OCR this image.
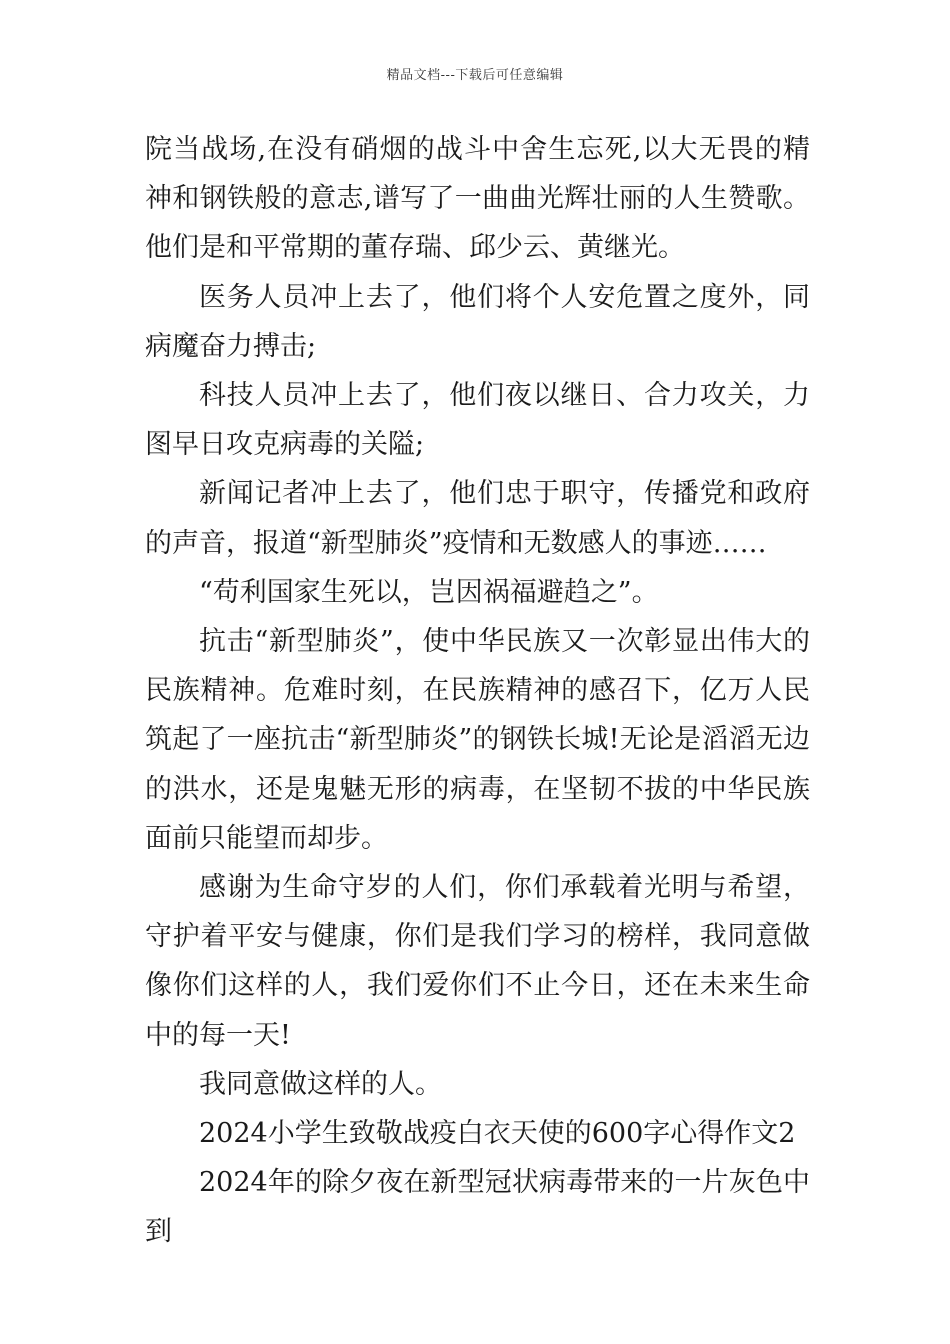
精品文档---下载后可任意编辑

院当战场,在没有硝烟的战斗中舍生忘死,以大无畏的精神和钢铁般的意志,谱写了一曲曲光辉壮丽的人生赞歌。他们是和平常期的董存瑞、邱少云、黄继光。

医务人员冲上去了，他们将个人安危置之度外，同病魔奋力搏击;

科技人员冲上去了，他们夜以继日、合力攻关，力图早日攻克病毒的关隘;

新闻记者冲上去了，他们忠于职守，传播党和政府的声音，报道“新型肺炎”疫情和无数感人的事迹……

“苟利国家生死以，岂因祸福避趋之”。

抗击“新型肺炎”，使中华民族又一次彰显出伟大的民族精神。危难时刻，在民族精神的感召下，亿万人民筑起了一座抗击“新型肺炎”的钢铁长城!无论是滔滔无边的洪水，还是鬼魅无形的病毒，在坚韧不拔的中华民族面前只能望而却步。

感谢为生命守岁的人们，你们承载着光明与希望，守护着平安与健康，你们是我们学习的榜样，我同意做像你们这样的人，我们爱你们不止今日，还在未来生命中的每一天!

我同意做这样的人。

2024小学生致敬战疫白衣天使的600字心得作文2

2024年的除夕夜在新型冠状病毒带来的一片灰色中到
